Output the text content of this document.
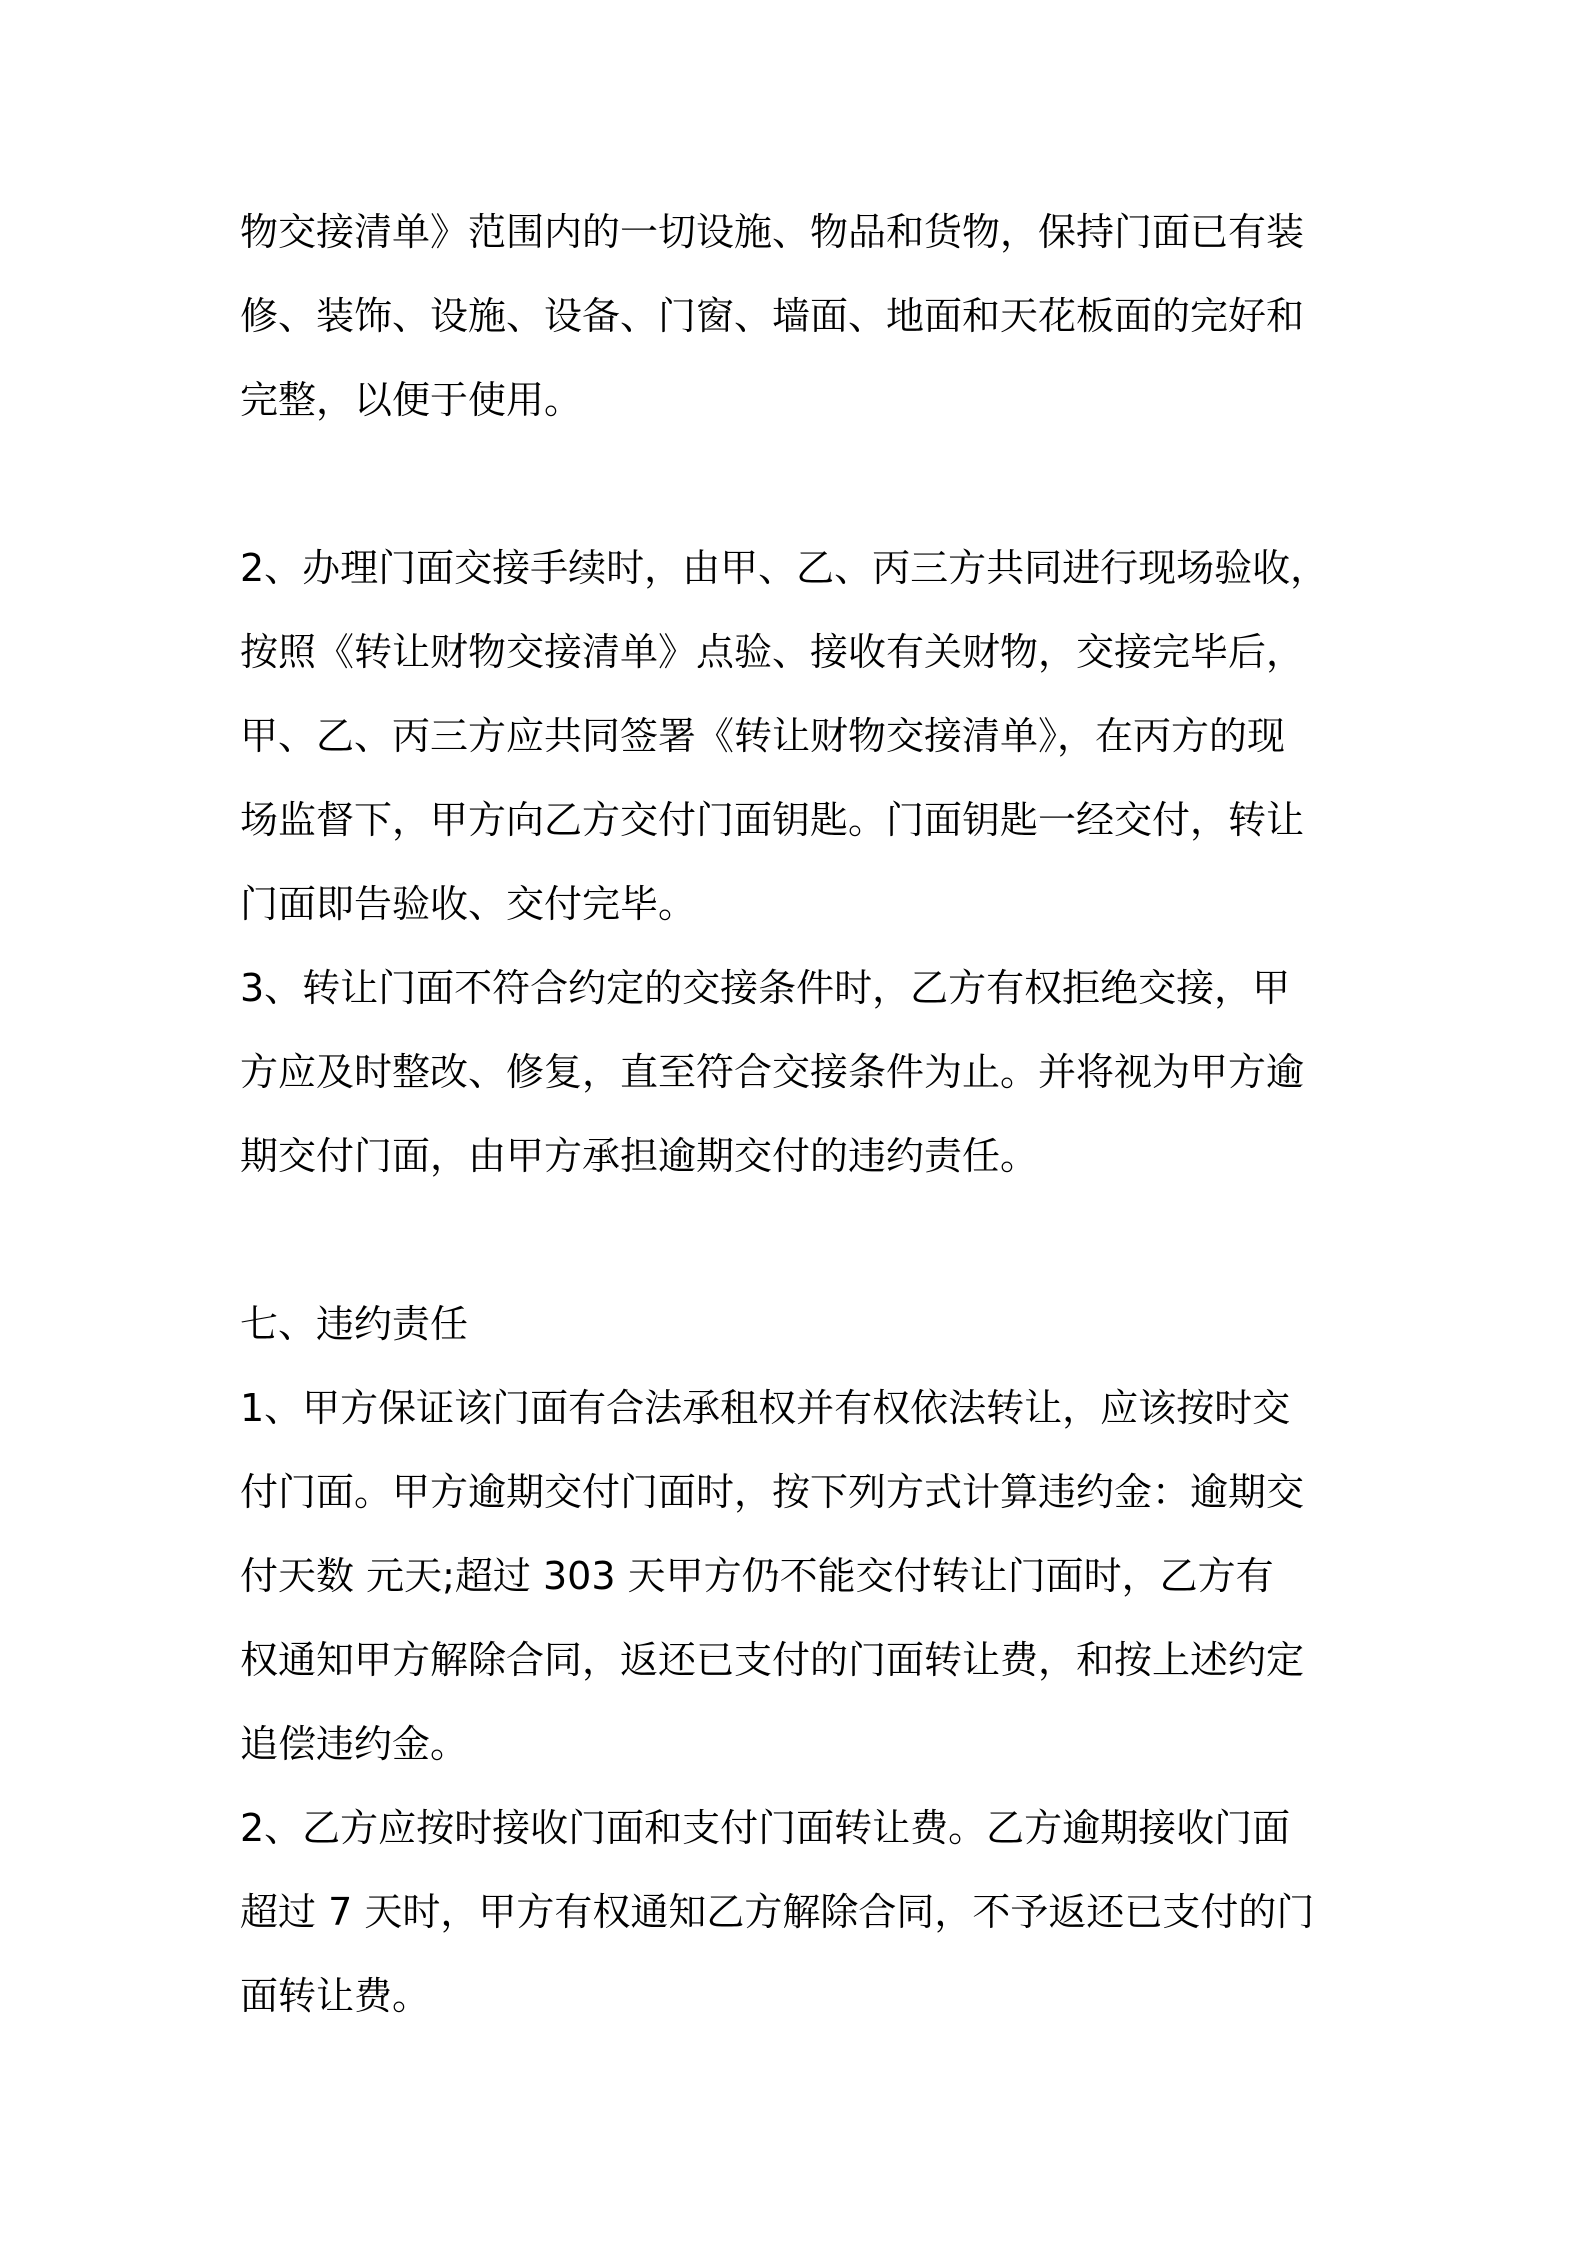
物交接清单》范围内的一切设施、物品和货物，保持门面已有装
修、装饰、设施、设备、门窗、墙面、地面和天花板面的完好和
完整，以便于使用。
2、办理门面交接手续时，由甲、乙、丙三方共同进行现场验收，
按照《转让财物交接清单》点验、接收有关财物，交接完毕后，
甲、乙、丙三方应共同签署《转让财物交接清单》，在丙方的现
场监督下，甲方向乙方交付门面钥匙。门面钥匙一经交付，转让
门面即告验收、交付完毕。
3、转让门面不符合约定的交接条件时，乙方有权拒绝交接，甲
方应及时整改、修复，直至符合交接条件为止。并将视为甲方逾
期交付门面，由甲方承担逾期交付的违约责任。
七、违约责任
1、甲方保证该门面有合法承租权并有权依法转让，应该按时交
付门面。甲方逾期交付门面时，按下列方式计算违约金：逾期交
付天数 元天;超过 303 天甲方仍不能交付转让门面时，乙方有
权通知甲方解除合同，返还已支付的门面转让费，和按上述约定
追偿违约金。
2、乙方应按时接收门面和支付门面转让费。乙方逾期接收门面
超过 7 天时，甲方有权通知乙方解除合同，不予返还已支付的门
面转让费。
